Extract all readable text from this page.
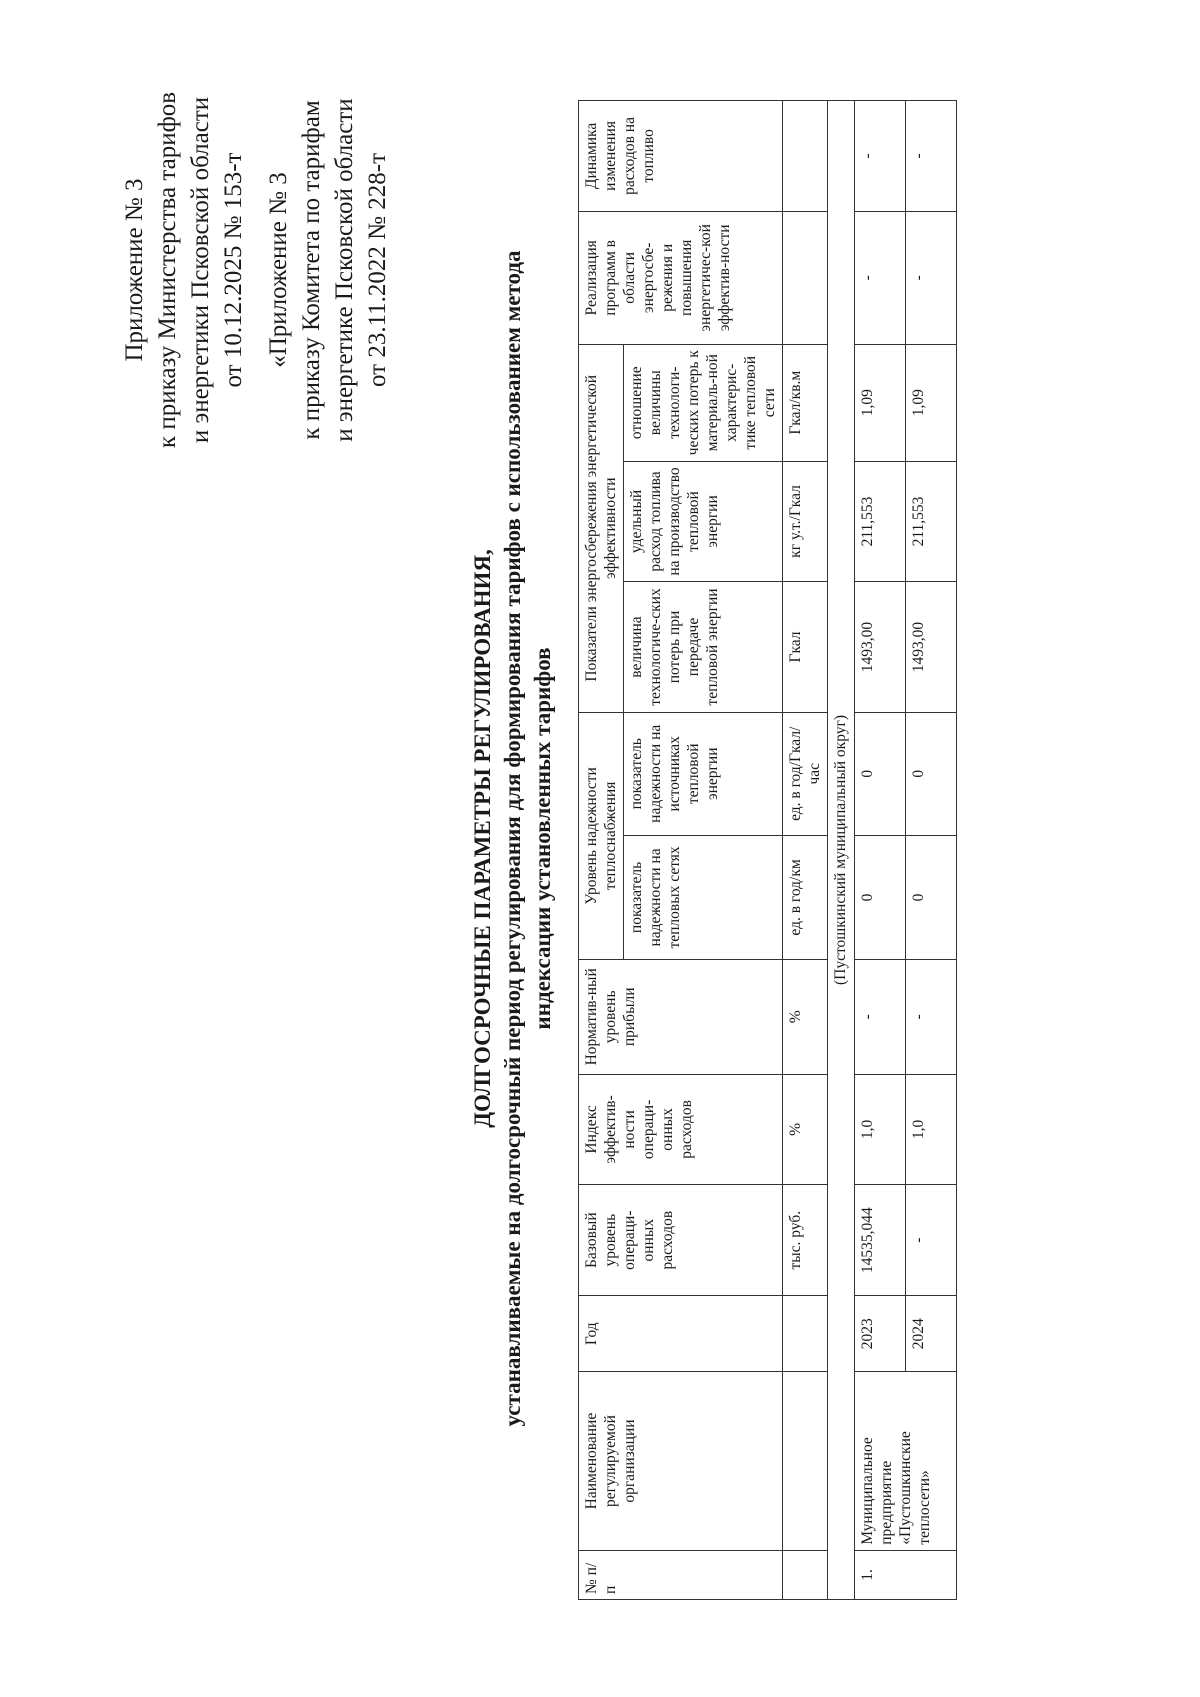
Приложение № 3 к приказу Министерства тарифов и энергетики Псковской области от 10.12.2025 № 153-т «Приложение № 3 к приказу Комитета по тарифам и энергетике Псковской области от 23.11.2022 № 228-т
ДОЛГОСРОЧНЫЕ ПАРАМЕТРЫ РЕГУЛИРОВАНИЯ, устанавливаемые на долгосрочный период регулирования для формирования тарифов с использованием метода индексации установленных тарифов
№ п/п	Наименование регулируемой организации	Год	Базовый уровень операци-онных расходов	Индекс эффектив-ности операци-онных расходов	Норматив-ный уровень прибыли	Уровень надежности теплоснабжения		Показатели энергосбережения энергетической эффективности			Реализация программ в области энергосбе-режения и повышения энергетичес-кой эффектив-ности	Динамика изменения расходов на топливо
						показатель надежности на тепловых сетях	показатель надежности на источниках тепловой энергии	величина технологиче-ских потерь при передаче тепловой энергии	удельный расход топлива на производство тепловой энергии	отношение величины технологи-ческих потерь к материаль-ной характерис-тике тепловой сети		
			тыс. руб.	%	%	ед. в год/км	ед. в год/Гкал/час	Гкал	кг у.т./Гкал	Гкал/кв.м		
(Пустошкинский муниципальный округ)												
1.	Муниципальное предприятие «Пустошкинские теплосети»	2023	14535,044	1,0	-	0	0	1493,00	211,553	1,09	-	-
		2024	-	1,0	-	0	0	1493,00	211,553	1,09	-	-
